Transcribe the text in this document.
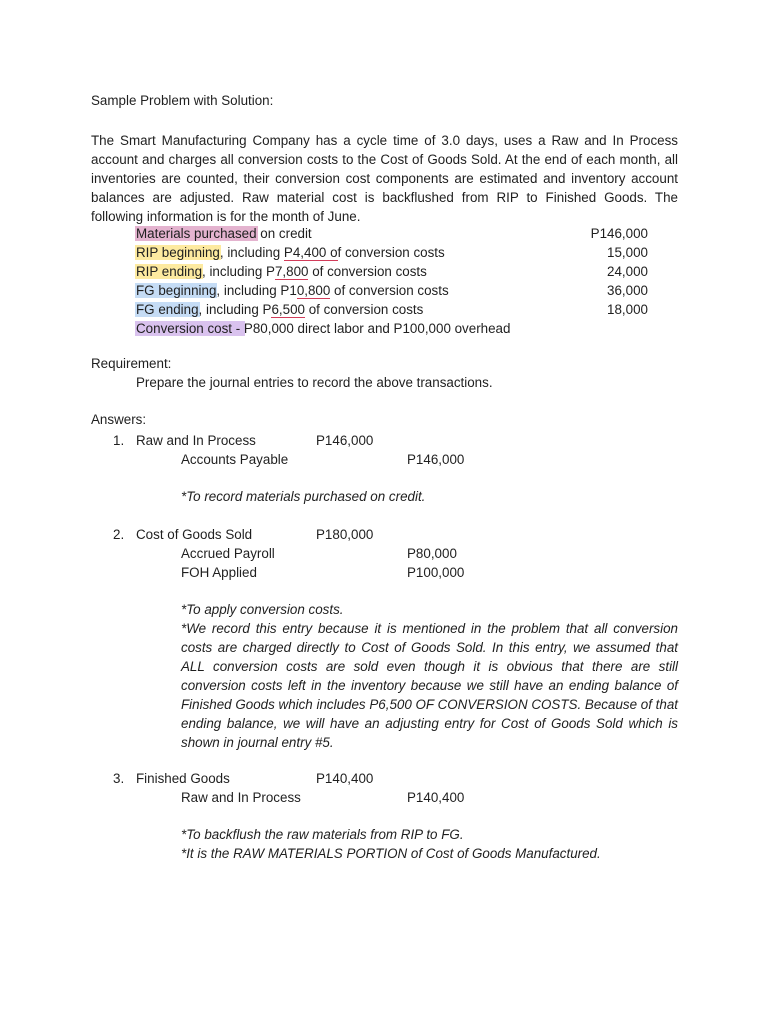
Sample Problem with Solution:
The Smart Manufacturing Company has a cycle time of 3.0 days, uses a Raw and In Process account and charges all conversion costs to the Cost of Goods Sold. At the end of each month, all inventories are counted, their conversion cost components are estimated and inventory account balances are adjusted. Raw material cost is backflushed from RIP to Finished Goods. The following information is for the month of June.
Materials purchased on credit	P146,000
RIP beginning, including P4,400 of conversion costs	15,000
RIP ending, including P7,800 of conversion costs	24,000
FG beginning, including P10,800 of conversion costs	36,000
FG ending, including P6,500 of conversion costs	18,000
Conversion cost - P80,000 direct labor and P100,000 overhead
Requirement:
Prepare the journal entries to record the above transactions.
Answers:
1. Raw and In Process	P146,000
Accounts Payable	P146,000

*To record materials purchased on credit.

2. Cost of Goods Sold	P180,000
Accrued Payroll	P80,000
FOH Applied	P100,000

*To apply conversion costs.

*We record this entry because it is mentioned in the problem that all conversion costs are charged directly to Cost of Goods Sold. In this entry, we assumed that ALL conversion costs are sold even though it is obvious that there are still conversion costs left in the inventory because we still have an ending balance of Finished Goods which includes P6,500 OF CONVERSION COSTS. Because of that ending balance, we will have an adjusting entry for Cost of Goods Sold which is shown in journal entry #5.

3. Finished Goods	P140,400
Raw and In Process	P140,400

*To backflush the raw materials from RIP to FG.

*It is the RAW MATERIALS PORTION of Cost of Goods Manufactured.
